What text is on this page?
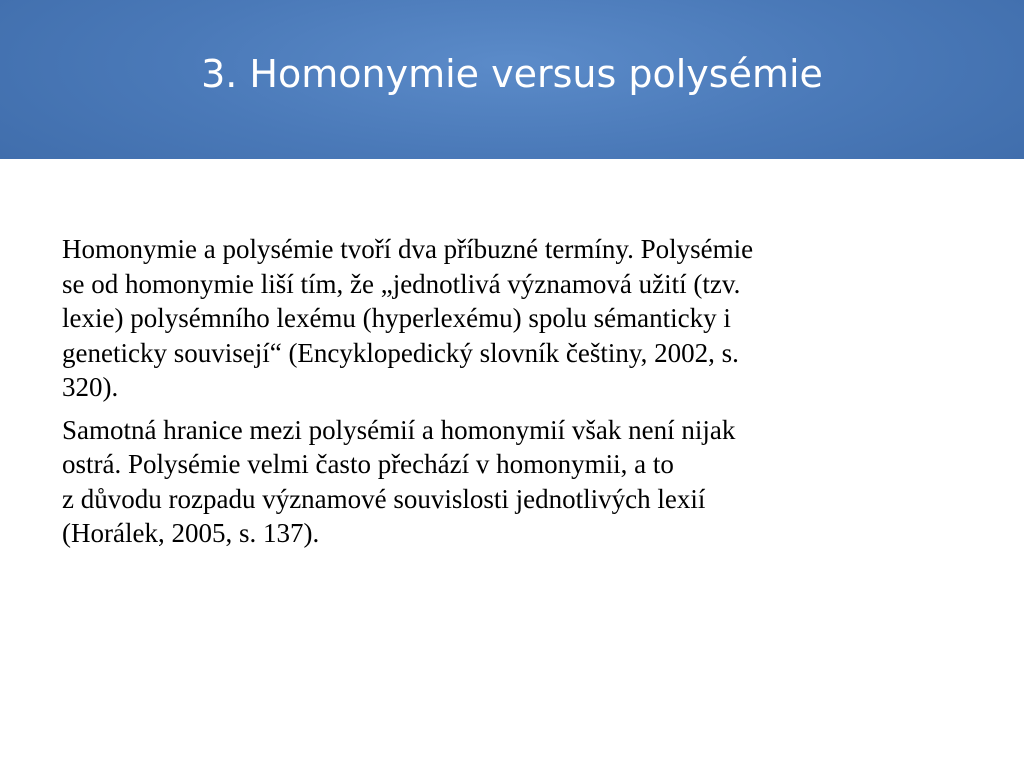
3. Homonymie versus polysémie

Homonymie a polysémie tvoří dva příbuzné termíny. Polysémie
se od homonymie liší tím, že „jednotlivá významová užití (tzv.
lexie) polysémního lexému (hyperlexému) spolu sémanticky i
geneticky souvisejí“ (Encyklopedický slovník češtiny, 2002, s.
320).

Samotná hranice mezi polysémií a homonymií však není nijak
ostrá. Polysémie velmi často přechází v homonymii, a to
z důvodu rozpadu významové souvislosti jednotlivých lexií
(Horálek, 2005, s. 137).
